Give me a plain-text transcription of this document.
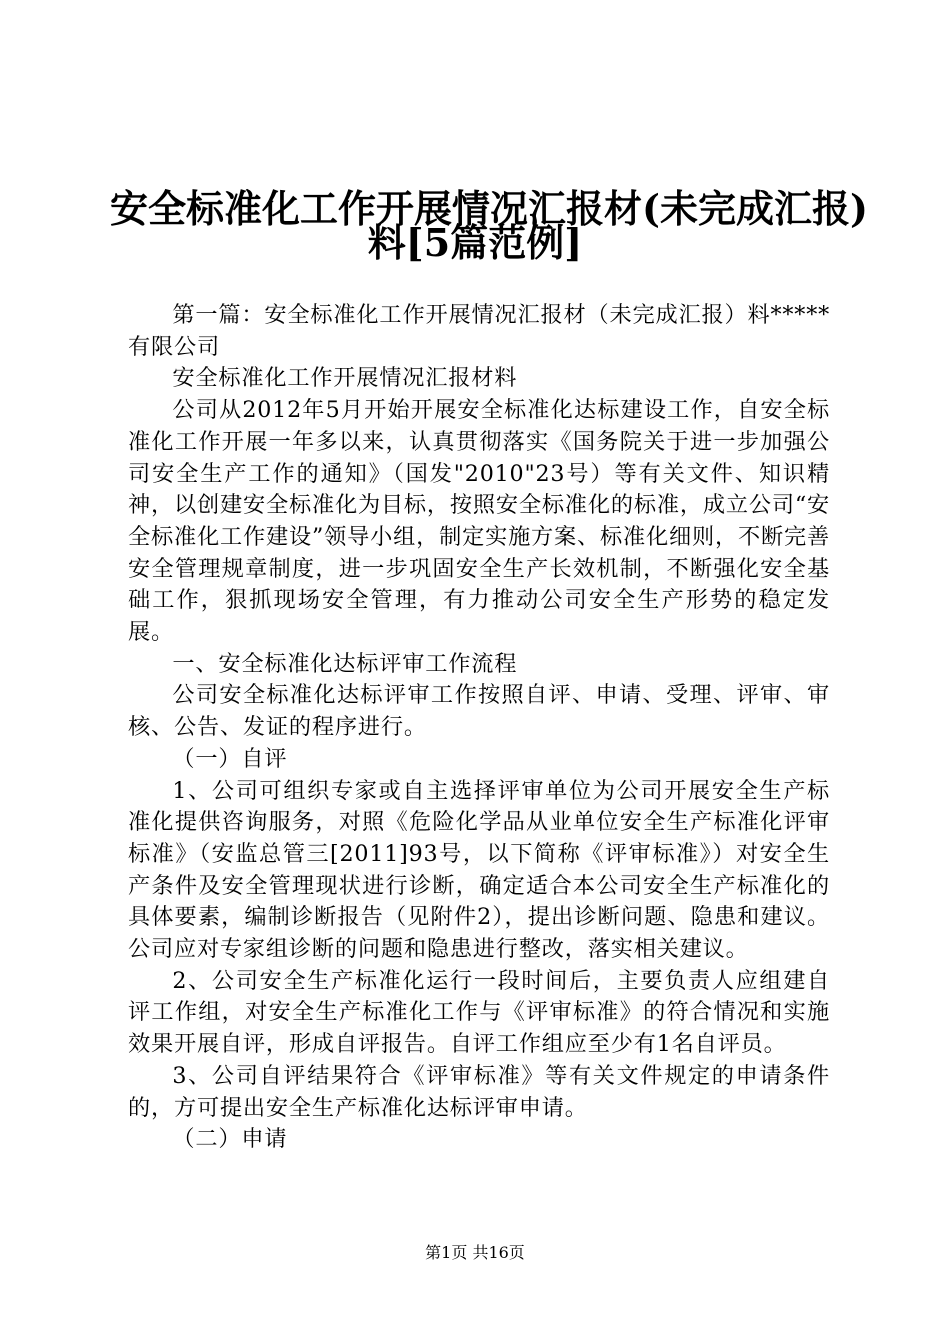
安全标准化工作开展情况汇报材(未完成汇报)
料[5篇范例]

第一篇：安全标准化工作开展情况汇报材（未完成汇报）料*****有限公司

安全标准化工作开展情况汇报材料

公司从2012年5月开始开展安全标准化达标建设工作，自安全标准化工作开展一年多以来，认真贯彻落实《国务院关于进一步加强公司安全生产工作的通知》（国发"2010"23号）等有关文件、知识精神，以创建安全标准化为目标，按照安全标准化的标准，成立公司“安全标准化工作建设”领导小组，制定实施方案、标准化细则，不断完善安全管理规章制度，进一步巩固安全生产长效机制，不断强化安全基础工作，狠抓现场安全管理，有力推动公司安全生产形势的稳定发展。

一、安全标准化达标评审工作流程

公司安全标准化达标评审工作按照自评、申请、受理、评审、审核、公告、发证的程序进行。

（一）自评

1、公司可组织专家或自主选择评审单位为公司开展安全生产标准化提供咨询服务，对照《危险化学品从业单位安全生产标准化评审标准》（安监总管三[2011]93号，以下简称《评审标准》）对安全生产条件及安全管理现状进行诊断，确定适合本公司安全生产标准化的具体要素，编制诊断报告（见附件2），提出诊断问题、隐患和建议。公司应对专家组诊断的问题和隐患进行整改，落实相关建议。

2、公司安全生产标准化运行一段时间后，主要负责人应组建自评工作组，对安全生产标准化工作与《评审标准》的符合情况和实施效果开展自评，形成自评报告。自评工作组应至少有1名自评员。

3、公司自评结果符合《评审标准》等有关文件规定的申请条件的，方可提出安全生产标准化达标评审申请。

（二）申请

第1页 共16页
